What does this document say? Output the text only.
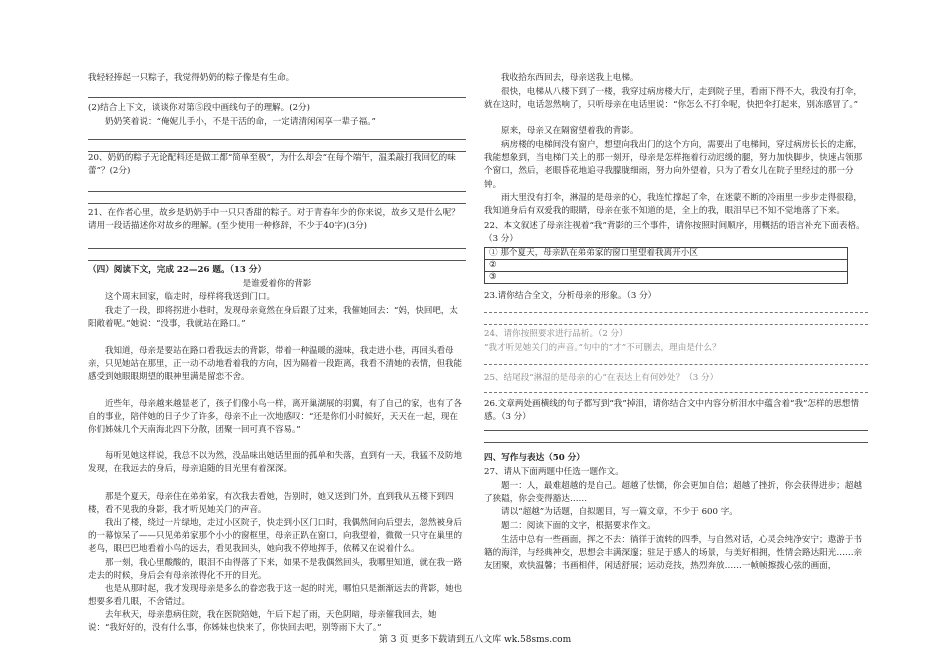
我轻轻捧起一只粽子，我觉得奶奶的粽子像是有生命。

(2)结合上下文，谈谈你对第⑤段中画线句子的理解。(2分)

奶奶笑着说：“俺妮儿手小，不是干活的命，一定请清闲闲享一辈子福。”

20、奶奶的粽子无论配料还是做工都“简单至极”，为什么却会“在每个端午，温柔敲打我回忆的味蕾”？(2分)

21、在作者心里，故乡是奶奶手中一只只香甜的粽子。对于青春年少的你来说，故乡又是什么呢？请用一段话描述你对故乡的理解。(至少使用一种修辞，不少于40字)(3分)

（四）阅读下文，完成 22—26 题。（13 分）

是谁爱着你的背影

这个周末回家，临走时，母样将我送到门口。

我走了一段，即将拐进小巷时，发现母亲竟然在身后跟了过来，我催她回去：“妈，快回吧，太阳敞着呢。”她说：“没事，我就站在路口。”

我知道，母亲是要站在路口看我远去的背影，带着一种温暖的滋味，我走进小巷，再回头看母亲，只见她站在那里，正一动不动地看着我的方向，因为隔着一段距离，我看不清她的表情，但我能感受到她眼眼期望的眼神里满是留恋不舍。

近些年，母亲越来越显老了，孩子们像小鸟一样，离开巢湖展的羽翼，有了自己的家，也有了各自的事业，陪伴她的日子少了许多，母亲不止一次地感叹：“还是你们小时候好，天天在一起，现在你们姊妹几个天南海北四下分散，团聚一回可真不容易。”

每听见她这样说，我总不以为然，没品味出她话里面的孤单和失落，直到有一天，我猛不及防地发现，在我远去的身后，母亲追随的目光里有着深深。

那是个夏天，母亲住在弟弟家，有次我去看她，告别时，她又送到门外，直到我从五楼下到四楼，看不见我的身影，我才听见她关门的声音。

我出了楼，绕过一片绿地，走过小区院子，快走到小区门口时，我偶然间向后望去，忽然被身后的一幕惊呆了——只见弟弟家那个小小的窗框里，母亲正趴在窗口，向我望着，微微一只守在巢里的老鸟，眼巴巴地看着小鸟的远去，看见我回头，她向我不停地挥手，依稀又在说着什么。

那一刻，我心里酸酸的，眼泪不由得落了下来，如果不是我偶然回头，我哪里知道，就在我一路走去的时候，身后会有母亲浓得化不开的目光。

也是从那时起，我才发现母亲是多么的眷恋我于这一起的时光，哪怕只是渐渐远去的背影，她也想要多看几眼，不舍错过。

去年秋天，母亲患病住院，我在医院陪她，午后下起了雨，天色阴暗，母亲催我回去，她说：“我好好的，没有什么事，你姊妹也快来了，你快回去吧，别等雨下大了。”

我收拾东西回去，母亲送我上电梯。

很快，电梯从八楼下到了一楼，我穿过病房楼大厅，走到院子里，看雨下得不大，我没有打伞，就在这时，电话忽然响了，只听母亲在电话里说：“你怎么不打伞呢，快把伞打起来，别冻感冒了。”

原来，母亲又在隔窗望着我的背影。

病房楼的电梯间没有窗户，想望向我出门的这个方向，需要出了电梯间，穿过病房长长的走廊，我能想象到，当电梯门关上的那一刻开，母亲是怎样拖着行动迟缓的腿，努力加快脚步，快速占领那个窗口，然后，老眼昏花地追寻我朦胧细雨，努力向外望着，只为了看女儿在院子里经过的那一分钟。

雨大里没有打伞，淋湿的是母亲的心，我连忙撑起了伞，在迷蒙不断的冷雨里一步步走得很稳，我知道身后有双爱我的眼睛，母亲在张不知道的是，全上的我，眼泪早已不知不觉地落了下来。

22、本文叙述了母亲注视着“我”背影的三个事件，请你按照时间顺序，用概括的语言补充下面表格。（3 分）

① 那个夏天，母亲趴在弟弟家的窗口里望着我离开小区
②
③

23.请你结合全文，分析母亲的形象。（3 分）

24、请你按照要求进行品析。（2 分）

“我才听见她关门的声音。”句中的“才”不可删去，理由是什么？

25、结尾段“淋湿的是母亲的心”在表达上有何妙处？（3 分）

26.文章两处画横线的句子都写到“我”掉泪，请你结合文中内容分析泪水中蕴含着“我”怎样的思想情感。（3 分）

四、写作与表达（50 分）

27、请从下面两题中任选一题作文。

题一：人，最难超越的是自己。超越了怯懦，你会更加自信；超越了挫折，你会获得进步；超越了狭隘，你会变得豁达……

请以“超越”为话题，自拟题目，写一篇文章，不少于 600 字。

题二：阅读下面的文字，根据要求作文。

生活中总有一些画面，挥之不去：徜徉于流转的四季，与自然对话，心灵会纯净安宁；遨游于书籍的海洋，与经典神交，思想会丰满深邃；驻足于感人的场景，与美好相拥，性情会路达阳光……亲友团聚，欢快温馨；书画相伴，闲适舒展；运动竞技，热烈奔放……一帧帧擦拨心弦的画面，

第 3 页 更多下载请到五八文库 wk.58sms.com
